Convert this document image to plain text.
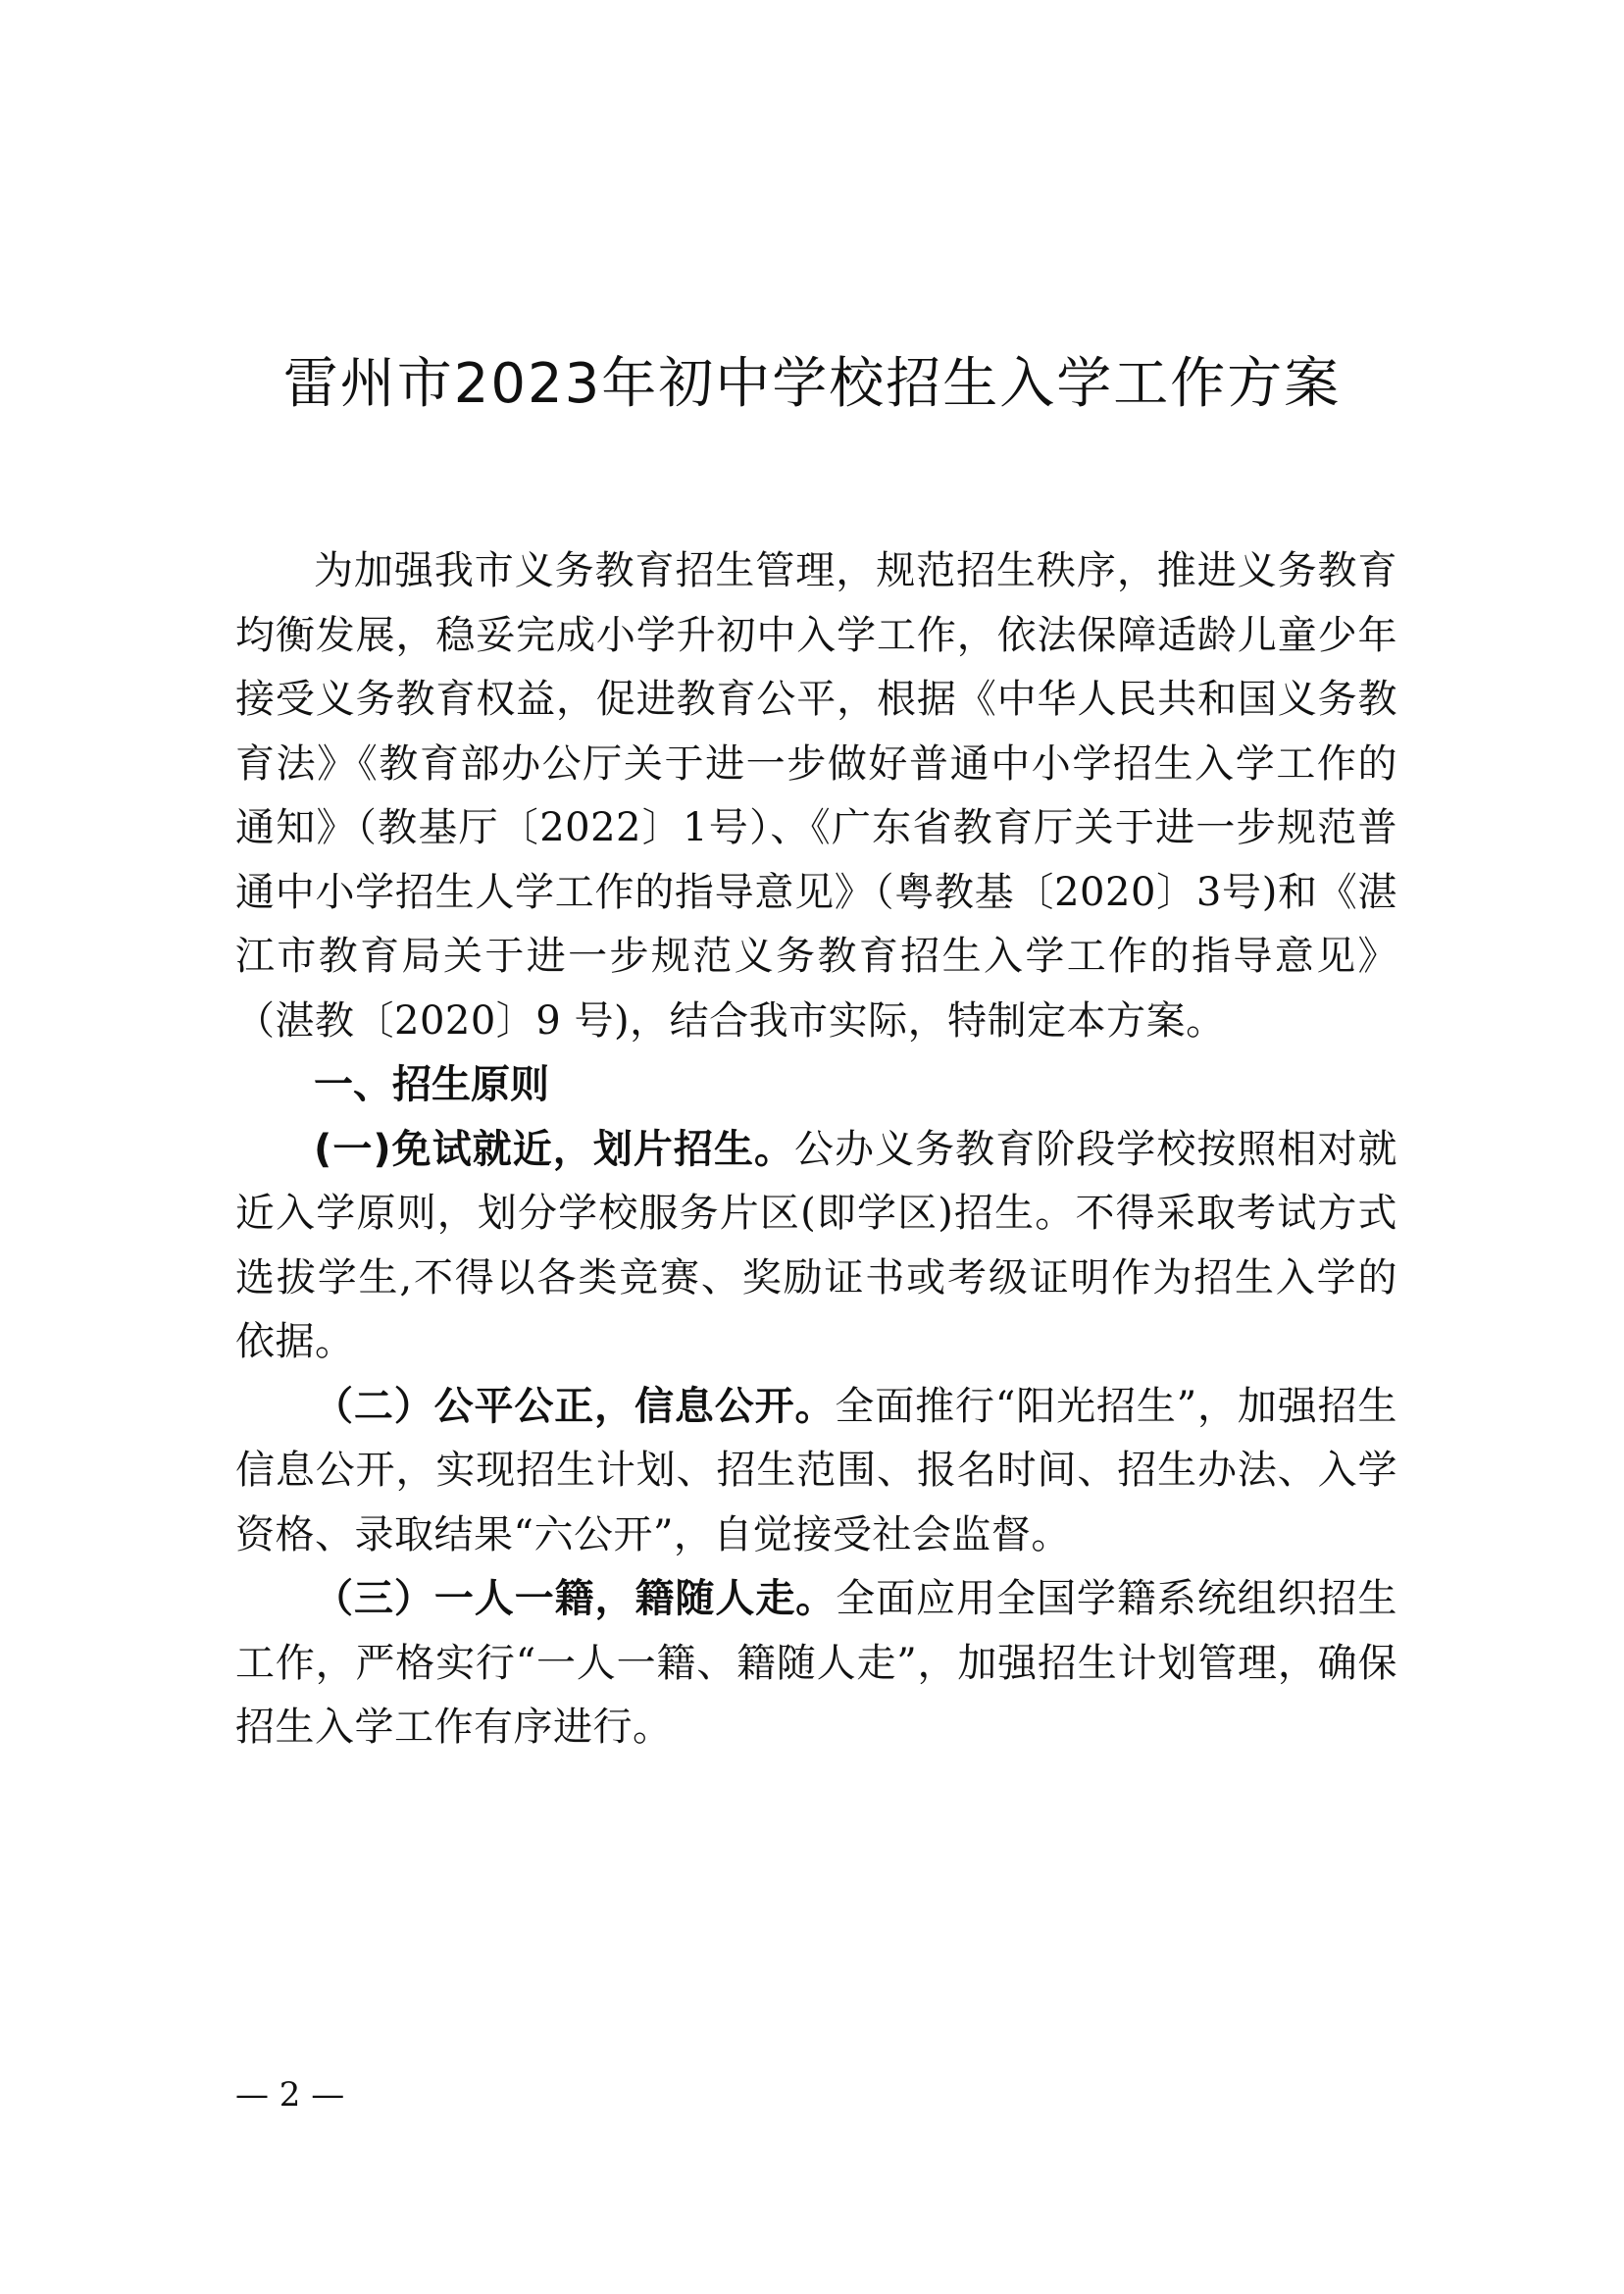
雷州市2023年初中学校招生入学工作方案

为加强我市义务教育招生管理，规范招生秩序，推进义务教育均衡发展，稳妥完成小学升初中入学工作，依法保障适龄儿童少年接受义务教育权益，促进教育公平，根据《中华人民共和国义务教育法》《教育部办公厅关于进一步做好普通中小学招生入学工作的通知》（教基厅〔2022〕1号）、《广东省教育厅关于进一步规范普通中小学招生人学工作的指导意见》（粤教基〔2020〕3号)和《湛江市教育局关于进一步规范义务教育招生入学工作的指导意见》（湛教〔2020〕9 号)，结合我市实际，特制定本方案。

一、招生原则

(一)免试就近，划片招生。公办义务教育阶段学校按照相对就近入学原则，划分学校服务片区(即学区)招生。不得采取考试方式选拔学生,不得以各类竞赛、奖励证书或考级证明作为招生入学的依据。

（二）公平公正，信息公开。全面推行“阳光招生”，加强招生信息公开，实现招生计划、招生范围、报名时间、招生办法、入学资格、录取结果“六公开”，自觉接受社会监督。

（三）一人一籍，籍随人走。全面应用全国学籍系统组织招生工作，严格实行“一人一籍、籍随人走”，加强招生计划管理，确保招生入学工作有序进行。

— 2 —
